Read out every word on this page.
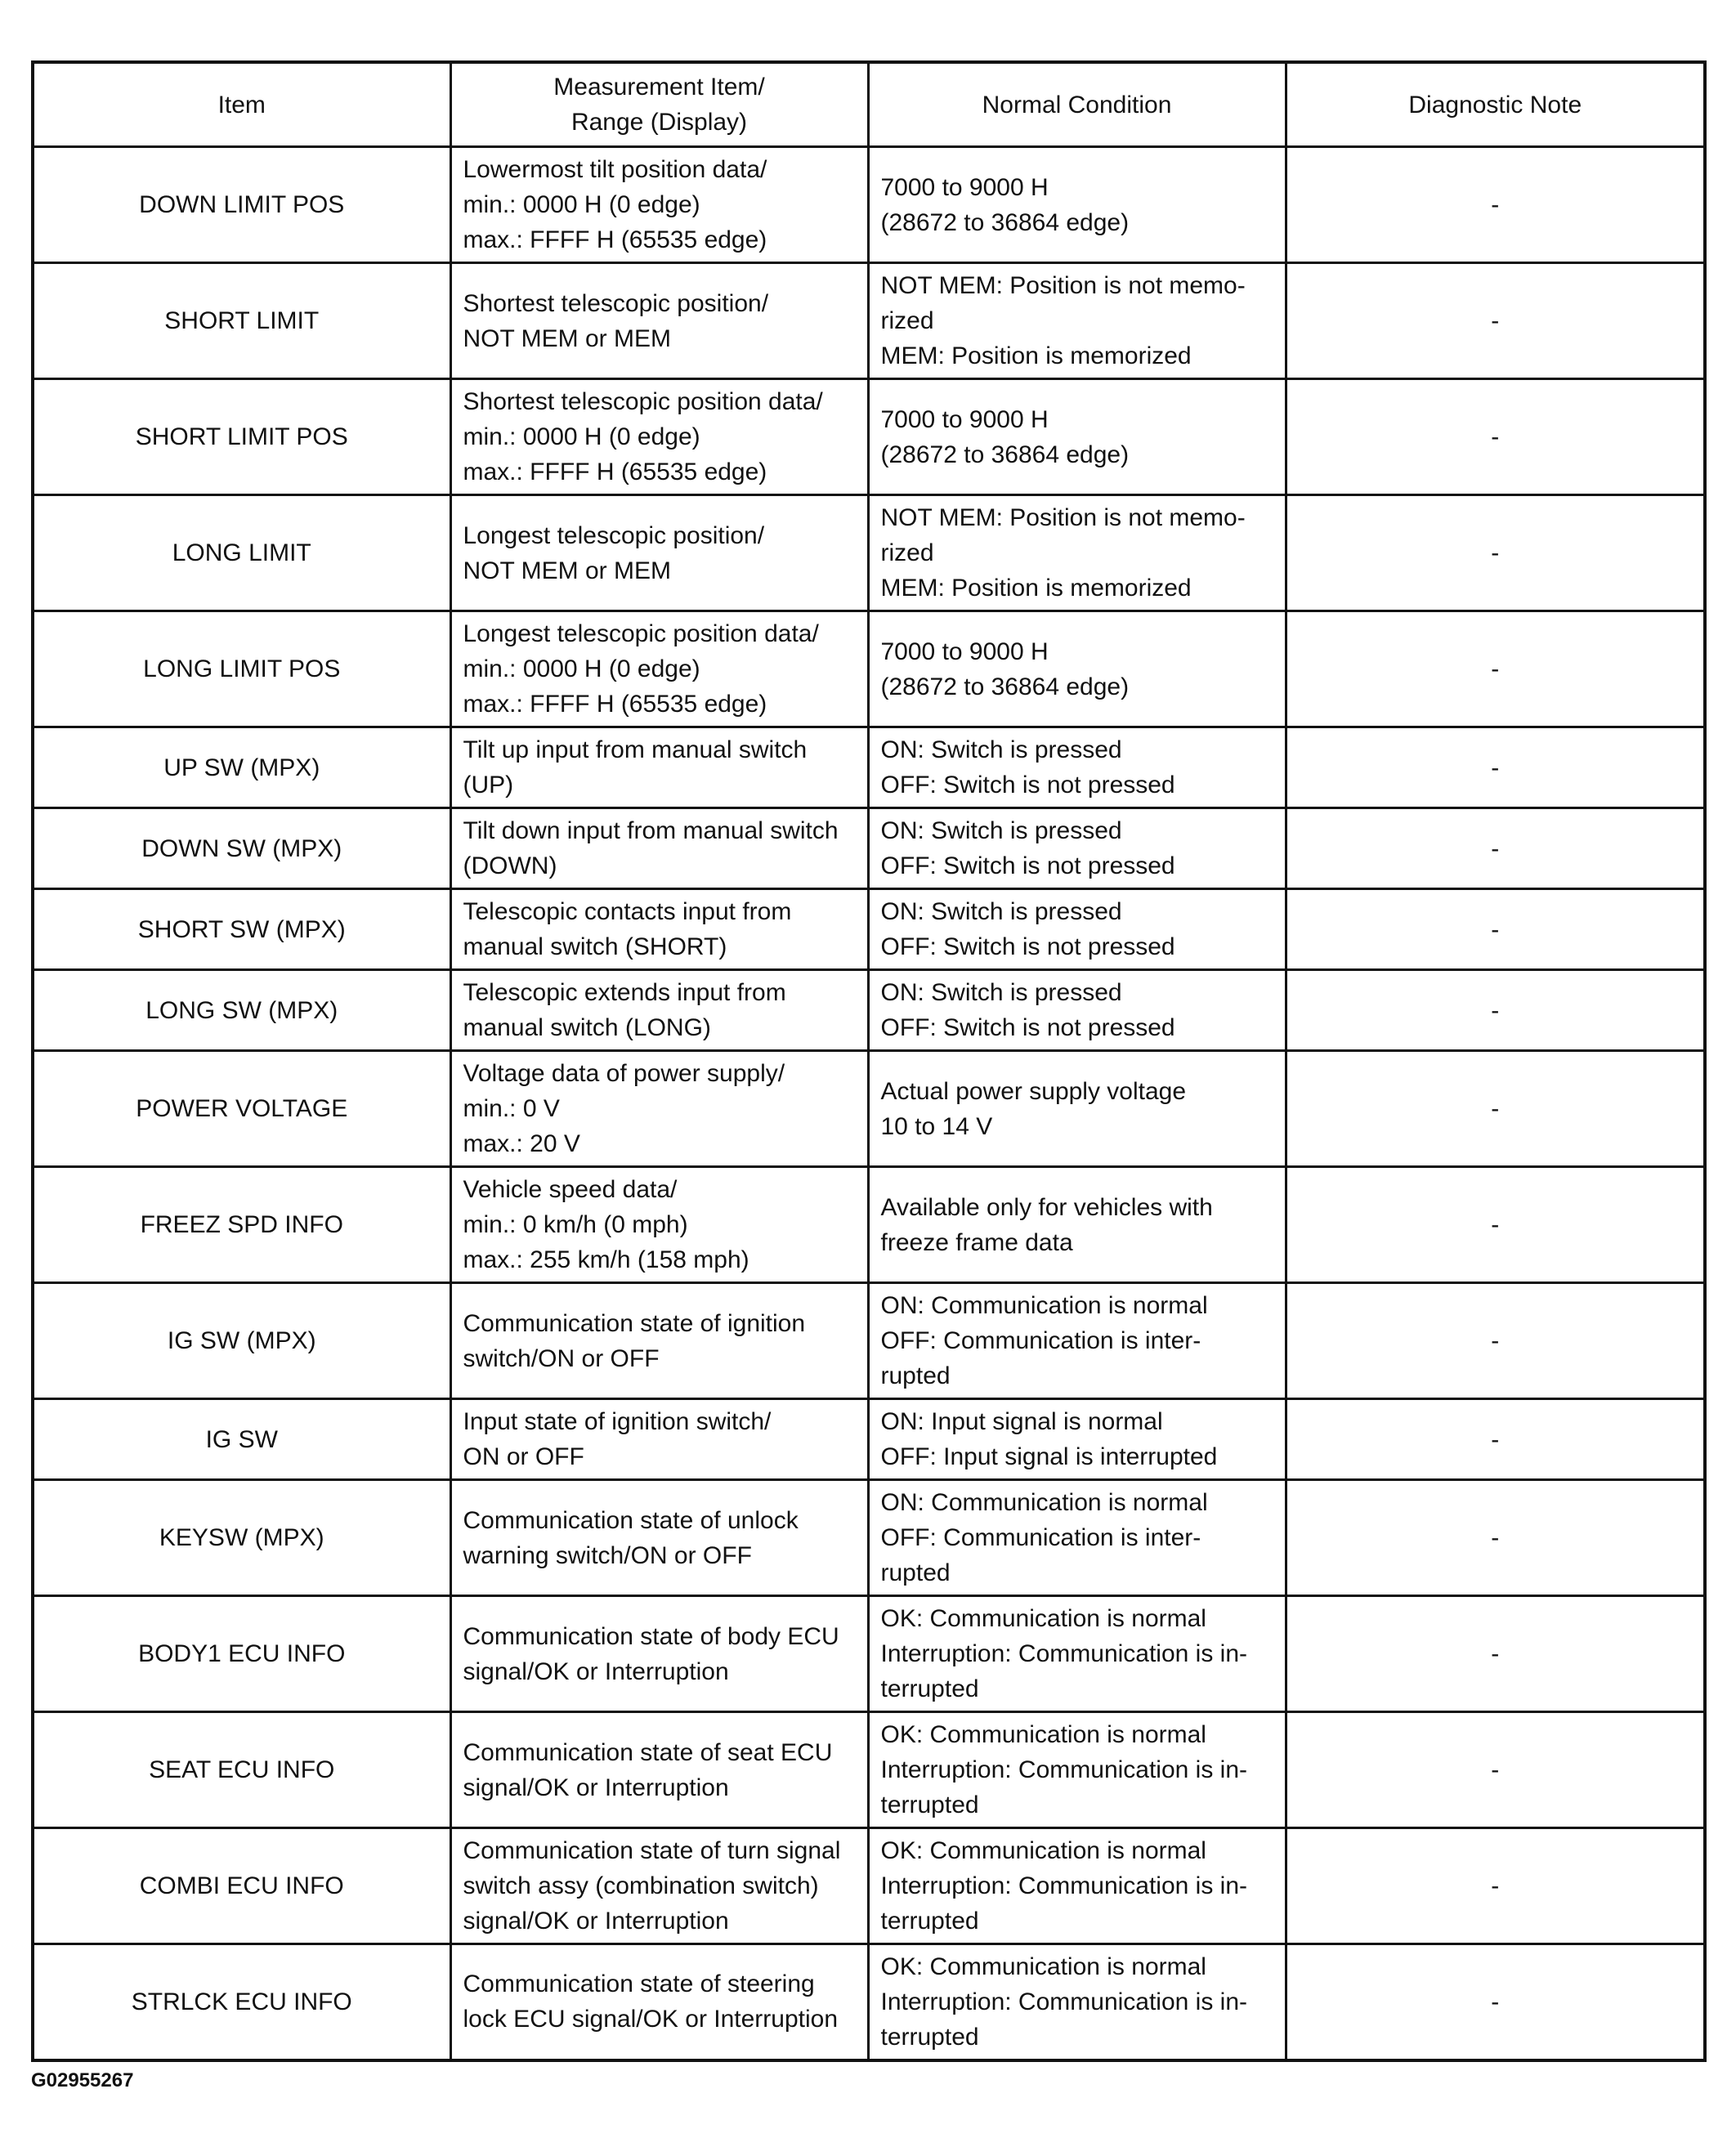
Item	Measurement Item/
Range (Display)	Normal Condition	Diagnostic Note
DOWN LIMIT POS	Lowermost tilt position data/
min.: 0000 H (0 edge)
max.: FFFF H (65535 edge)	7000 to 9000 H
(28672 to 36864 edge)	-
SHORT LIMIT	Shortest telescopic position/
NOT MEM or MEM	NOT MEM: Position is not memo-
rized
MEM: Position is memorized	-
SHORT LIMIT POS	Shortest telescopic position data/
min.: 0000 H (0 edge)
max.: FFFF H (65535 edge)	7000 to 9000 H
(28672 to 36864 edge)	-
LONG LIMIT	Longest telescopic position/
NOT MEM or MEM	NOT MEM: Position is not memo-
rized
MEM: Position is memorized	-
LONG LIMIT POS	Longest telescopic position data/
min.: 0000 H (0 edge)
max.: FFFF H (65535 edge)	7000 to 9000 H
(28672 to 36864 edge)	-
UP SW (MPX)	Tilt up input from manual switch
(UP)	ON: Switch is pressed
OFF: Switch is not pressed	-
DOWN SW (MPX)	Tilt down input from manual switch
(DOWN)	ON: Switch is pressed
OFF: Switch is not pressed	-
SHORT SW (MPX)	Telescopic contacts input from
manual switch (SHORT)	ON: Switch is pressed
OFF: Switch is not pressed	-
LONG SW (MPX)	Telescopic extends input from
manual switch (LONG)	ON: Switch is pressed
OFF: Switch is not pressed	-
POWER VOLTAGE	Voltage data of power supply/
min.: 0 V
max.: 20 V	Actual power supply voltage
10 to 14 V	-
FREEZ SPD INFO	Vehicle speed data/
min.: 0 km/h (0 mph)
max.: 255 km/h (158 mph)	Available only for vehicles with
freeze frame data	-
IG SW (MPX)	Communication state of ignition
switch/ON or OFF	ON: Communication is normal
OFF: Communication is inter-
rupted	-
IG SW	Input state of ignition switch/
ON or OFF	ON: Input signal is normal
OFF: Input signal is interrupted	-
KEYSW (MPX)	Communication state of unlock
warning switch/ON or OFF	ON: Communication is normal
OFF: Communication is inter-
rupted	-
BODY1 ECU INFO	Communication state of body ECU
signal/OK or Interruption	OK: Communication is normal
Interruption: Communication is in-
terrupted	-
SEAT ECU INFO	Communication state of seat ECU
signal/OK or Interruption	OK: Communication is normal
Interruption: Communication is in-
terrupted	-
COMBI ECU INFO	Communication state of turn signal
switch assy (combination switch)
signal/OK or Interruption	OK: Communication is normal
Interruption: Communication is in-
terrupted	-
STRLCK ECU INFO	Communication state of steering
lock ECU signal/OK or Interruption	OK: Communication is normal
Interruption: Communication is in-
terrupted	-
G02955267
